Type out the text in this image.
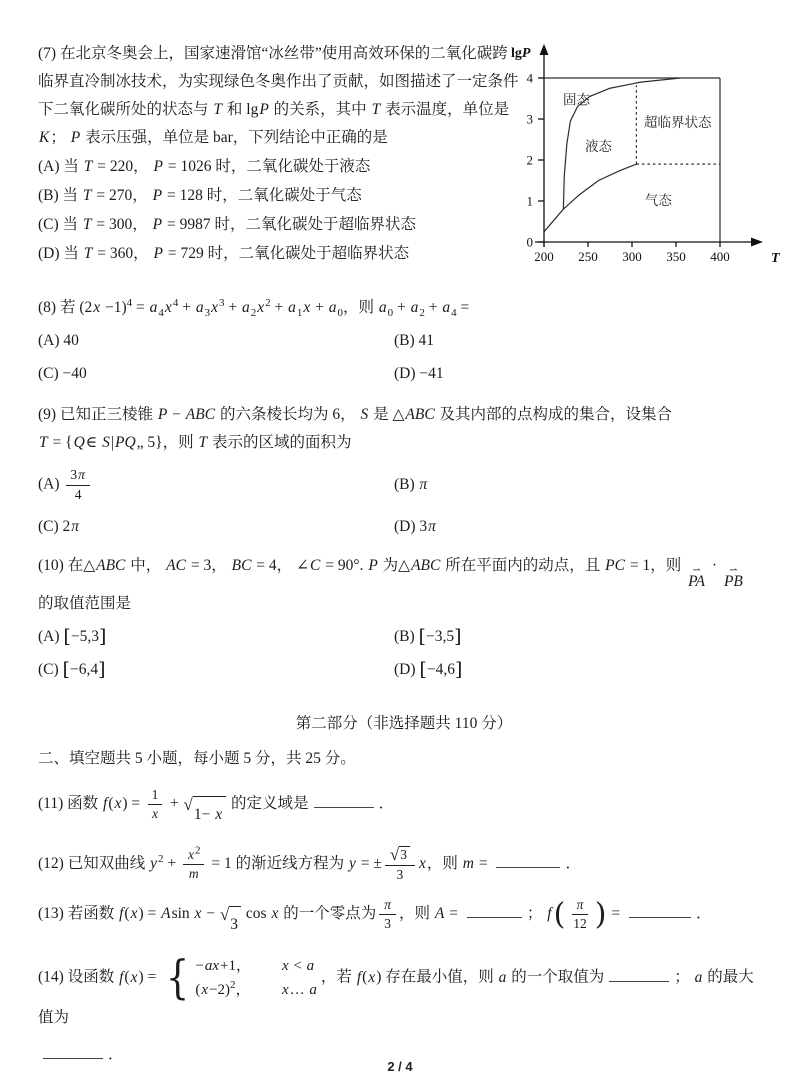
200 250 300 350 400
0
1
2
3
4
固态
液态
超临界状态
气态
lgP
T
(7) 在北京冬奥会上，国家速滑馆“冰丝带”使用高效环保的二氧化碳跨
临界直冷制冰技术，为实现绿色冬奥作出了贡献，如图描述了一定条件
下二氧化碳所处的状态与 T 和 lgP 的关系，其中 T 表示温度，单位是
K； P 表示压强，单位是 bar，下列结论中正确的是
(A) 当 T = 220， P = 1026 时，二氧化碳处于液态
(B) 当 T = 270， P = 128 时，二氧化碳处于气态
(C) 当 T = 300， P = 9987 时，二氧化碳处于超临界状态
(D) 当 T = 360， P = 729 时，二氧化碳处于超临界状态
(8) 若 $(2x -1)^4 = a_4x^4 + a_3x^3 + a_2x^2 + a_1x + a_0$，则 $a_0 + a_2 + a_4$ =
(A) 40	(B) 41
(C) −40	(D) −41
(9) 已知正三棱锥 P − ABC 的六条棱长均为 6， S 是 △ABC 及其内部的点构成的集合，设集合
T = {Q∈ S|PQ„ 5}，则 T 表示的区域的面积为
$(A) \frac{3\pi}{4}$	(B) π
(C) 2π	(D) 3π
(10) 在△ABC 中， AC = 3， BC = 4， ∠C = 90°. P 为△ABC 所在平面内的动点，且 PC = 1，则 ⇀
PA
· ⇀
PB
的取值范围是
(A) [−5,3]	(B) [−3,5]
(C) [−6,4]	(D) [−4,6]
第二部分（非选择题共 110 分）
二、填空题共 5 小题，每小题 5 分，共 25 分。
(11) 函数 $f(x) = \frac{1}{x}$ + √
1− x
的定义域是	．
(12) 已知双曲线 $y^2 + \frac{x^2}{m} = 1$ 的渐近线方程为 y = ± $\frac{√ 3}{3}$ x，则 m =	．
(13) 若函数 f(x) = Asin x − √
3
cos x 的一个零点为 $\frac{\pi}{3}$ ，则 A =	； f ( $\frac{\pi}{12}$ ) =	．
(14) 设函数 f(x) = { −ax+1， x < a
$(x-2)^2$， x… a
，若 f(x) 存在最小值，则 a 的一个取值为	； a 的最大值为
．
2 / 4
